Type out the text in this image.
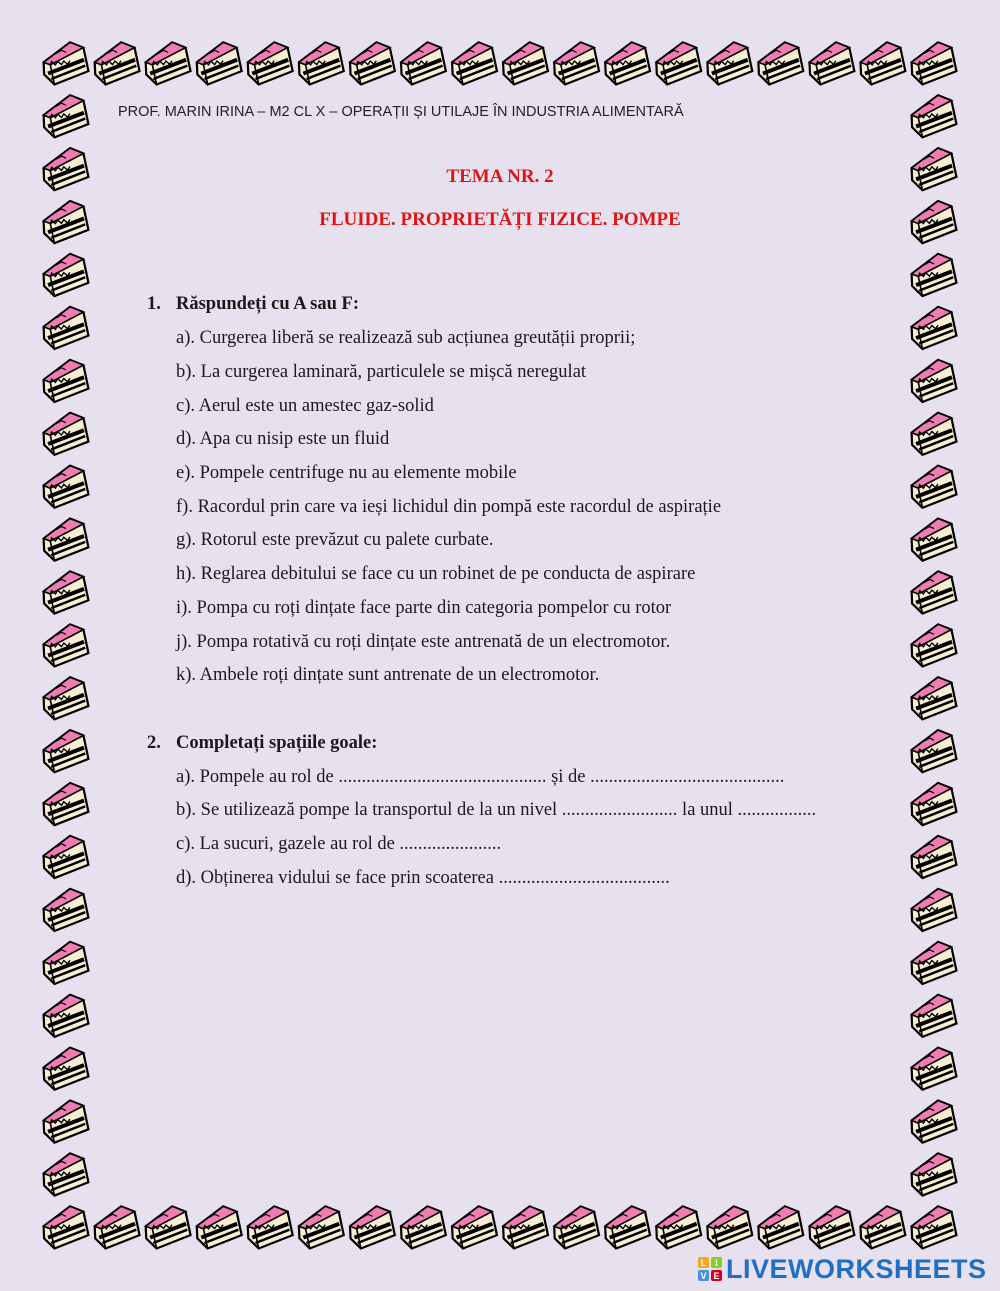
PROF. MARIN IRINA – M2 CL X – OPERAȚII ȘI UTILAJE ÎN INDUSTRIA ALIMENTARĂ
TEMA NR. 2
FLUIDE. PROPRIETĂȚI FIZICE. POMPE
1. Răspundeți cu A sau F:
a). Curgerea liberă se realizează sub acțiunea greutății proprii;
b). La curgerea laminară, particulele se mișcă neregulat
c). Aerul este un amestec gaz-solid
d). Apa cu nisip este un fluid
e). Pompele centrifuge nu au elemente mobile
f). Racordul prin care va ieși lichidul din pompă este racordul de aspirație
g). Rotorul este prevăzut cu palete curbate.
h). Reglarea debitului se face cu un robinet de pe conducta de aspirare
i). Pompa cu roți dințate face parte din categoria pompelor cu rotor
j). Pompa rotativă cu roți dințate este antrenată de un electromotor.
k). Ambele roți dințate sunt antrenate de un electromotor.
2. Completați spațiile goale:
a). Pompele au rol de ............................................. și de ..........................................
b). Se utilizează pompe la transportul de la un nivel ......................... la unul .................
c). La sucuri, gazele au rol de ......................
d). Obținerea vidului se face prin scoaterea .....................................
L I
V E LIVEWORKSHEETS
